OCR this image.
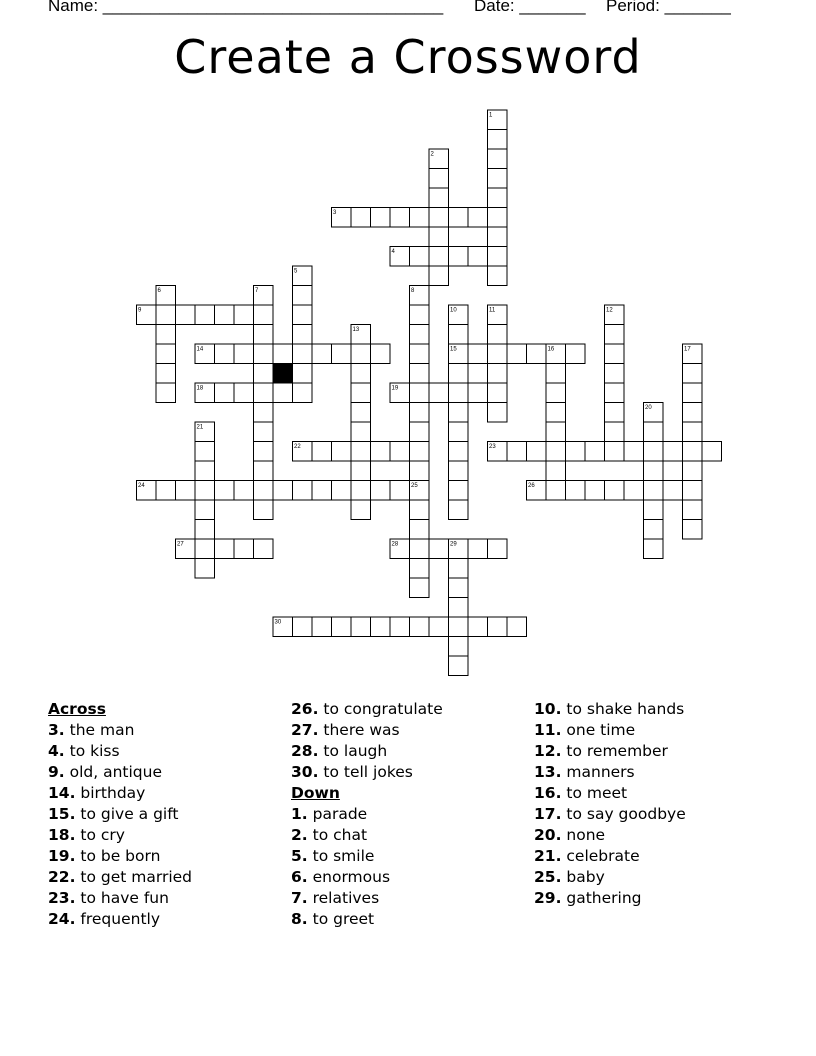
Name: ____________________________________ Date: _______ Period: _______
Create a Crossword
1
2
3
4
5
6	7	8
9	10	11	12
13
14	15	16	17
18	19
20
21
22	23
24	25	26
27	28	29
30
Across
3. the man
4. to kiss
9. old, antique
14. birthday
15. to give a gift
18. to cry
19. to be born
22. to get married
23. to have fun
24. frequently
26. to congratulate
27. there was
28. to laugh
30. to tell jokes
Down
1. parade
2. to chat
5. to smile
6. enormous
7. relatives
8. to greet
10. to shake hands
11. one time
12. to remember
13. manners
16. to meet
17. to say goodbye
20. none
21. celebrate
25. baby
29. gathering
